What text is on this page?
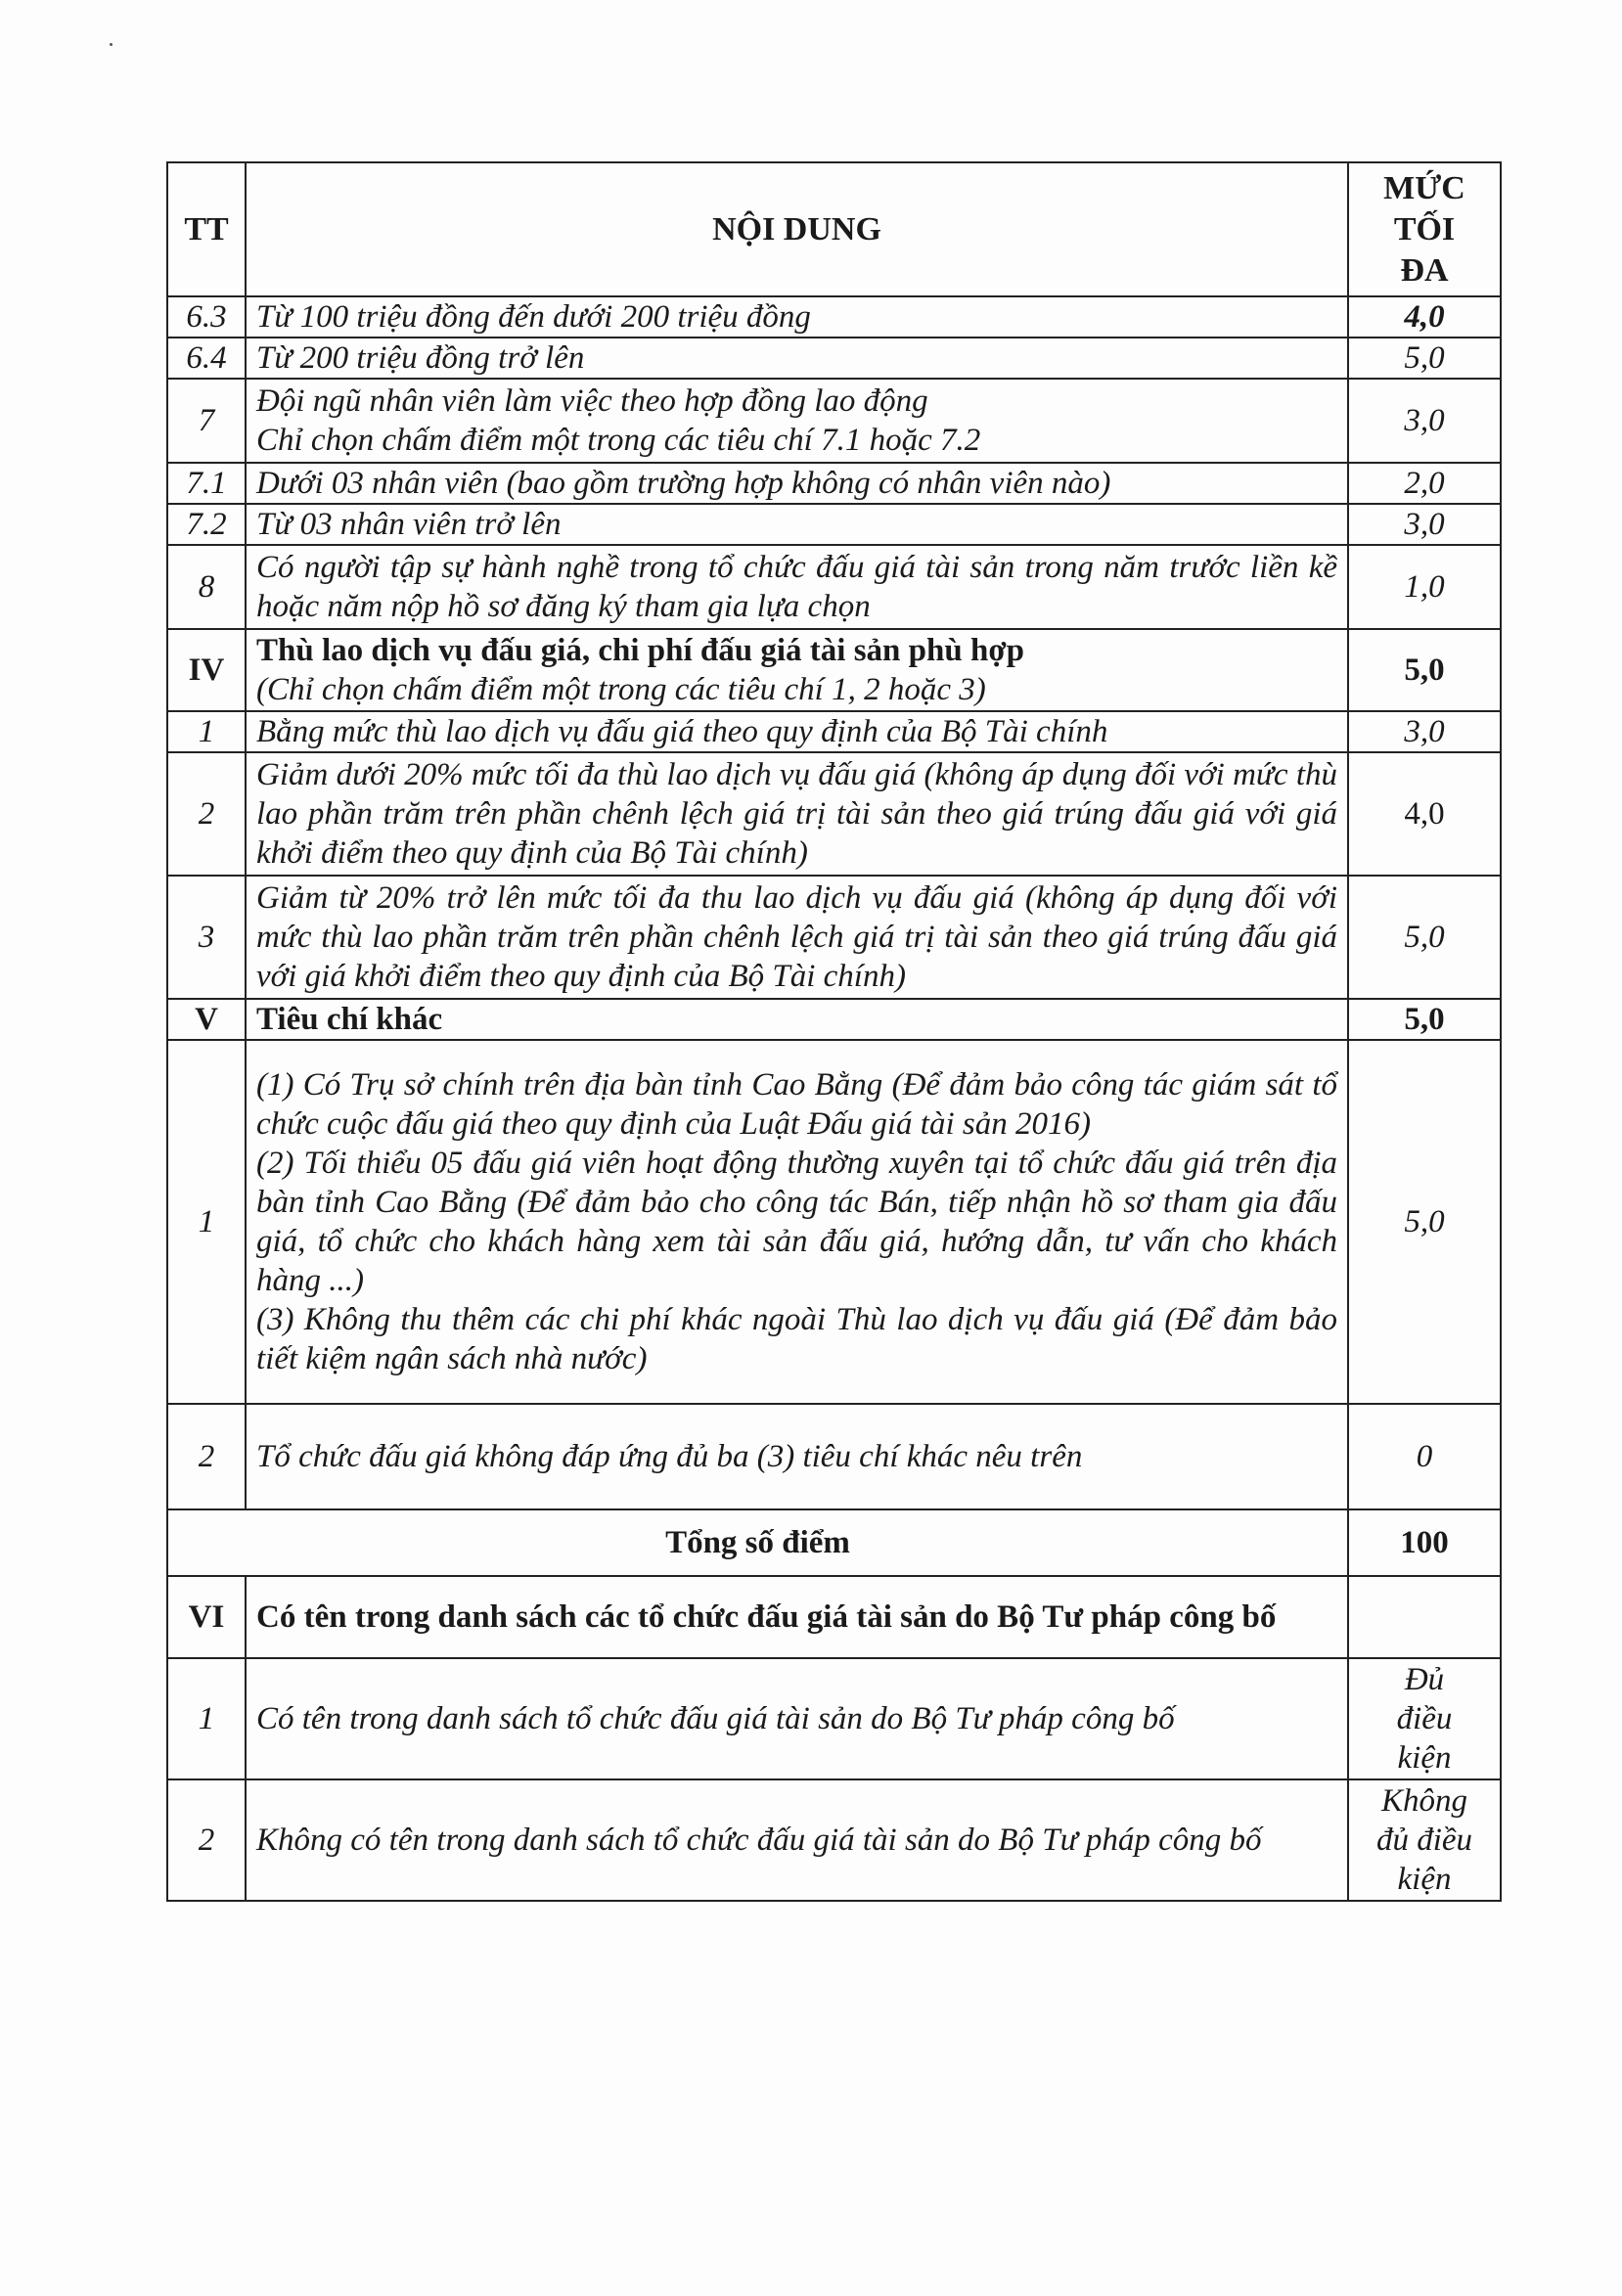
TT	NỘI DUNG	MỨC
TỐI
ĐA

6.3	Từ 100 triệu đồng đến dưới 200 triệu đồng	4,0
6.4	Từ 200 triệu đồng trở lên	5,0
7	Đội ngũ nhân viên làm việc theo hợp đồng lao động
Chỉ chọn chấm điểm một trong các tiêu chí 7.1 hoặc 7.2	3,0
7.1	Dưới 03 nhân viên (bao gồm trường hợp không có nhân viên nào)	2,0
7.2	Từ 03 nhân viên trở lên	3,0
8	Có người tập sự hành nghề trong tổ chức đấu giá tài sản trong năm trước liền kề hoặc năm nộp hồ sơ đăng ký tham gia lựa chọn	1,0
IV	Thù lao dịch vụ đấu giá, chi phí đấu giá tài sản phù hợp
(Chỉ chọn chấm điểm một trong các tiêu chí 1, 2 hoặc 3)	5,0
1	Bằng mức thù lao dịch vụ đấu giá theo quy định của Bộ Tài chính	3,0
2	Giảm dưới 20% mức tối đa thù lao dịch vụ đấu giá (không áp dụng đối với mức thù lao phần trăm trên phần chênh lệch giá trị tài sản theo giá trúng đấu giá với giá khởi điểm theo quy định của Bộ Tài chính)	4,0
3	Giảm từ 20% trở lên mức tối đa thu lao dịch vụ đấu giá (không áp dụng đối với mức thù lao phần trăm trên phần chênh lệch giá trị tài sản theo giá trúng đấu giá với giá khởi điểm theo quy định của Bộ Tài chính)	5,0
V	Tiêu chí khác	5,0
1	(1) Có Trụ sở chính trên địa bàn tỉnh Cao Bằng (Để đảm bảo công tác giám sát tổ chức cuộc đấu giá theo quy định của Luật Đấu giá tài sản 2016)
(2) Tối thiểu 05 đấu giá viên hoạt động thường xuyên tại tổ chức đấu giá trên địa bàn tỉnh Cao Bằng (Để đảm bảo cho công tác Bán, tiếp nhận hồ sơ tham gia đấu giá, tổ chức cho khách hàng xem tài sản đấu giá, hướng dẫn, tư vấn cho khách hàng ...)
(3) Không thu thêm các chi phí khác ngoài Thù lao dịch vụ đấu giá (Để đảm bảo tiết kiệm ngân sách nhà nước)	5,0
2	Tổ chức đấu giá không đáp ứng đủ ba (3) tiêu chí khác nêu trên	0
Tổng số điểm		100
VI	Có tên trong danh sách các tổ chức đấu giá tài sản do Bộ Tư pháp công bố	
1	Có tên trong danh sách tổ chức đấu giá tài sản do Bộ Tư pháp công bố	Đủ
điều
kiện

2	Không có tên trong danh sách tổ chức đấu giá tài sản do Bộ Tư pháp công bố	Không
đủ điều
kiện
